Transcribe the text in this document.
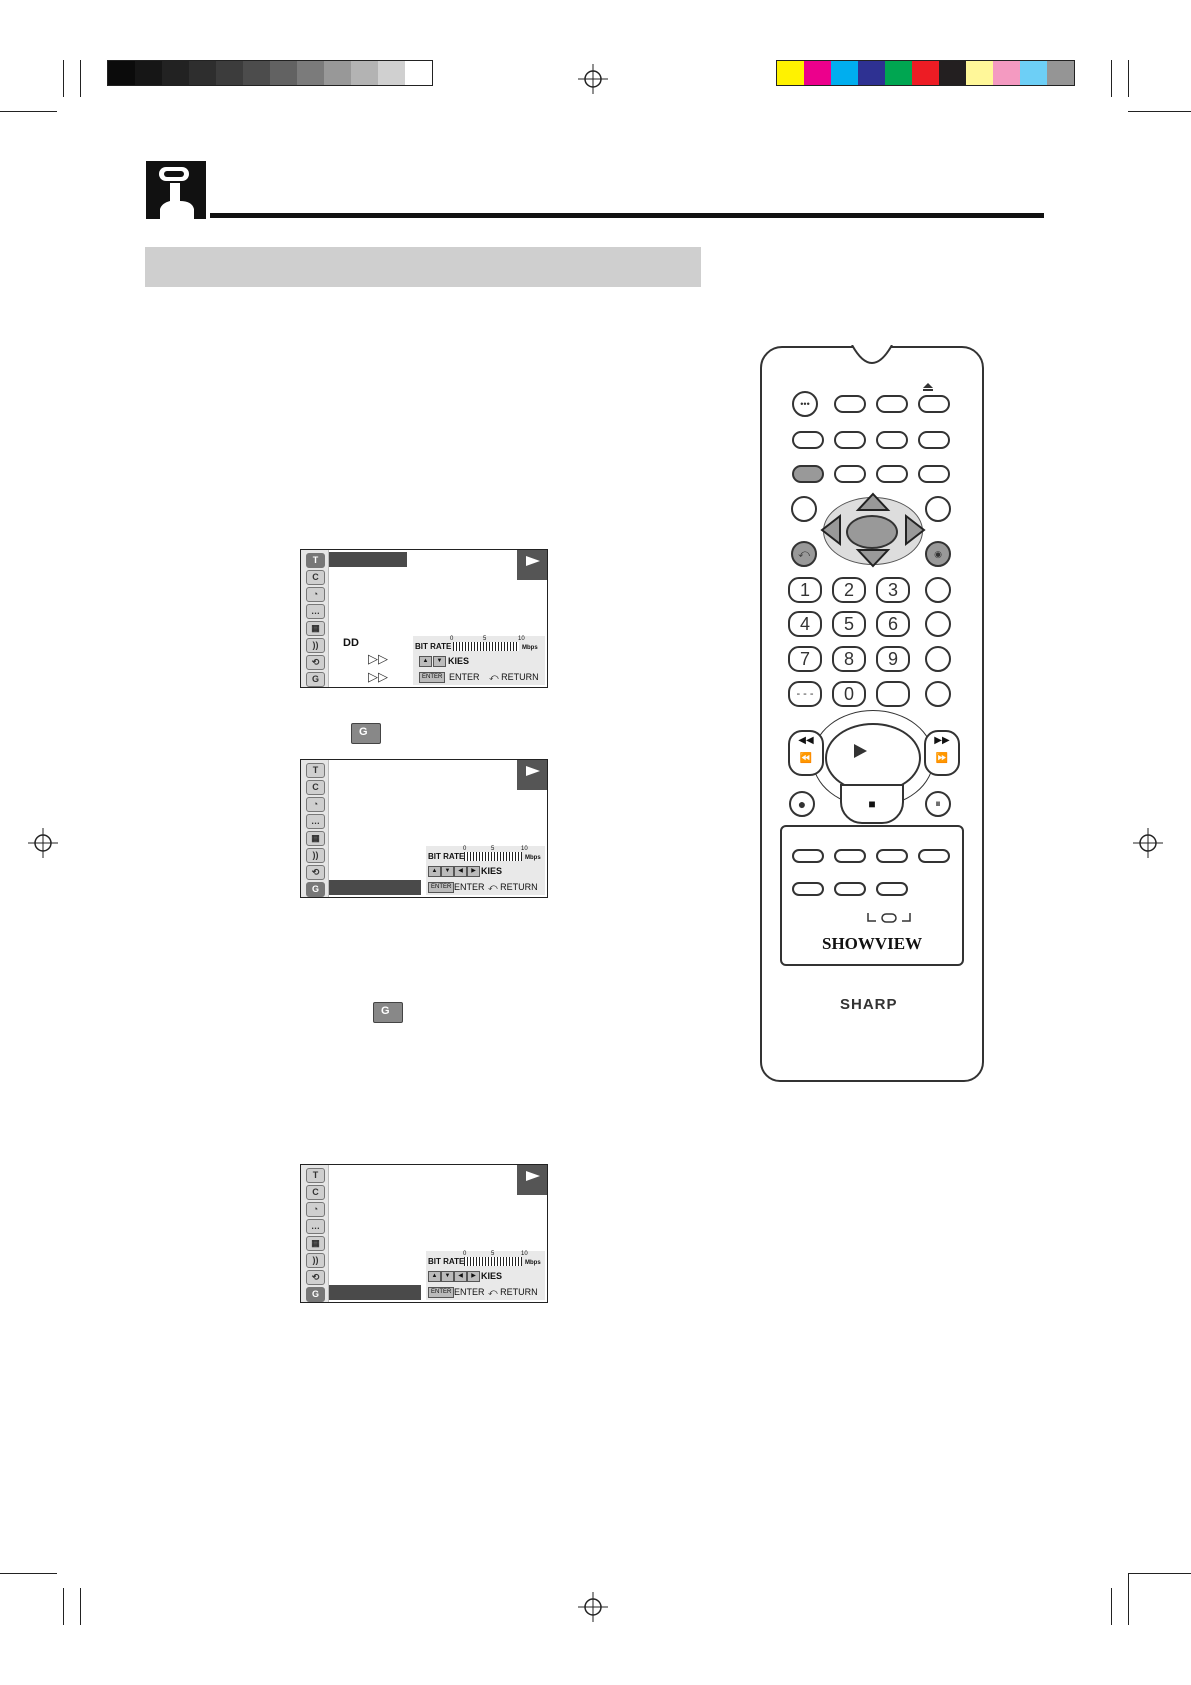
T
C
◔
…
▦
))
⟲
G
DD
▷▷
▷▷
0	5	10
BIT RATE	Mbps
▲	▼ KIES
ENTER ENTER ⤺ RETURN
G
T
C
◔
…
▦
))
⟲
G
0	5	10
BIT RATE	Mbps
▲	▼	◀	▶ KIES
ENTER ENTER ⤺ RETURN
G
T
C
◔
…
▦
))
⟲
G
0	5	10
BIT RATE	Mbps
▲	▼	◀	▶ KIES
ENTER ENTER ⤺ RETURN
•••
⤺	◉
1	2	3
4	5	6
7	8	9
- - -	0
◀◀
⏪
▶▶
⏩
●	■	⏸
SHOWVIEW
SHARP
